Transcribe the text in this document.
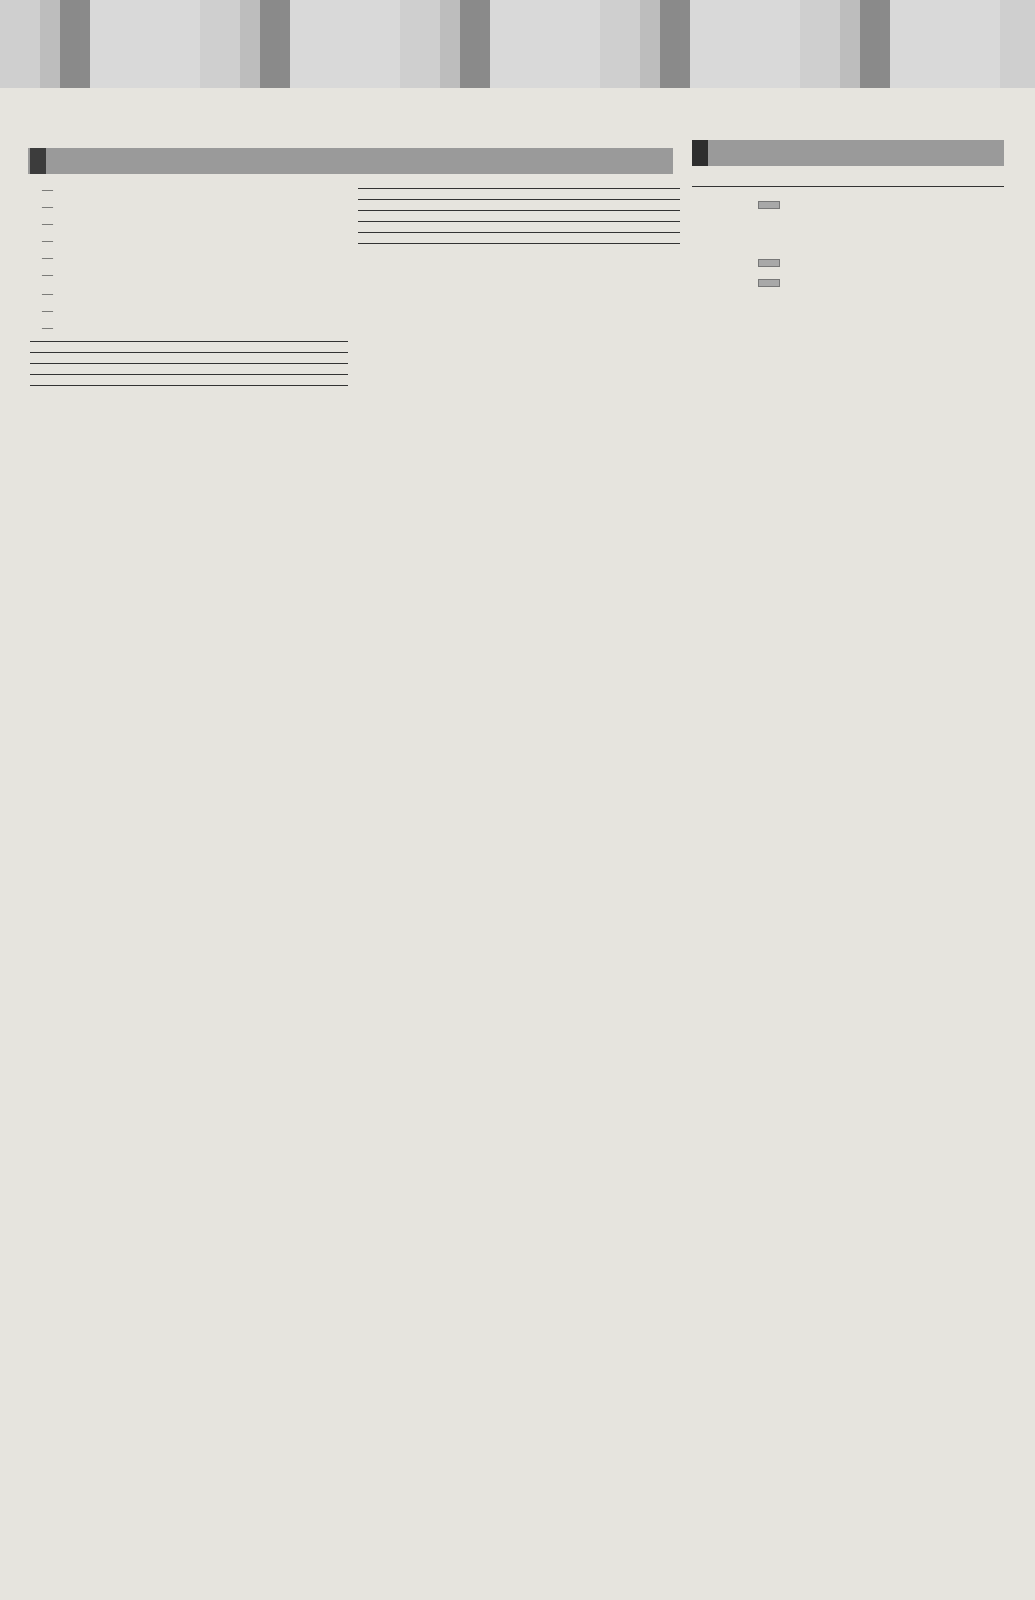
—
—
—
—
—
—

—
—
—
